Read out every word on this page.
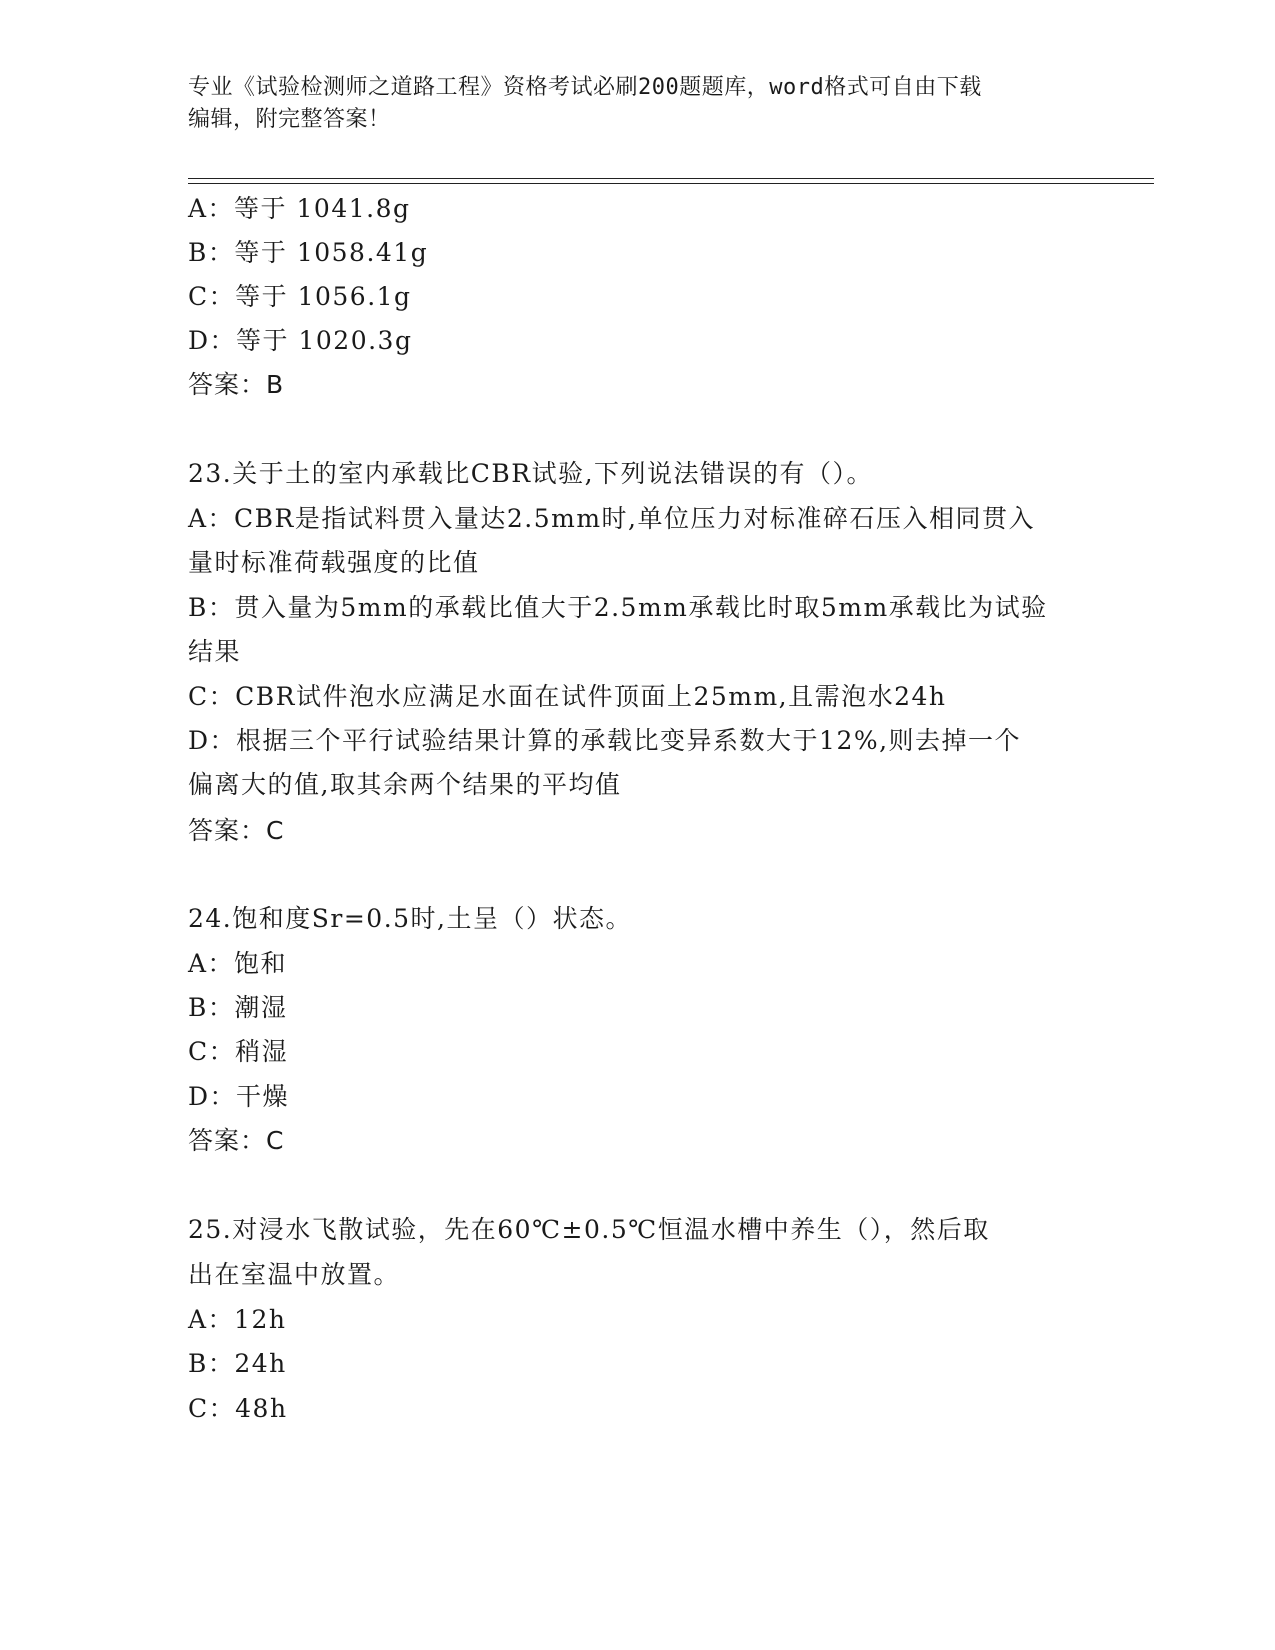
专业《试验检测师之道路工程》资格考试必刷200题题库，word格式可自由下载
编辑，附完整答案！
A：等于 1041.8g
B：等于 1058.41g
C：等于 1056.1g
D：等于 1020.3g
答案：B
23.关于土的室内承载比CBR试验,下列说法错误的有（）。
A：CBR是指试料贯入量达2.5mm时,单位压力对标准碎石压入相同贯入
量时标准荷载强度的比值
B：贯入量为5mm的承载比值大于2.5mm承载比时取5mm承载比为试验
结果
C：CBR试件泡水应满足水面在试件顶面上25mm,且需泡水24h
D：根据三个平行试验结果计算的承载比变异系数大于12%,则去掉一个
偏离大的值,取其余两个结果的平均值
答案：C
24.饱和度Sr=0.5时,土呈（）状态。
A：饱和
B：潮湿
C：稍湿
D：干燥
答案：C
25.对浸水飞散试验，先在60℃±0.5℃恒温水槽中养生（），然后取
出在室温中放置。
A：12h
B：24h
C：48h
